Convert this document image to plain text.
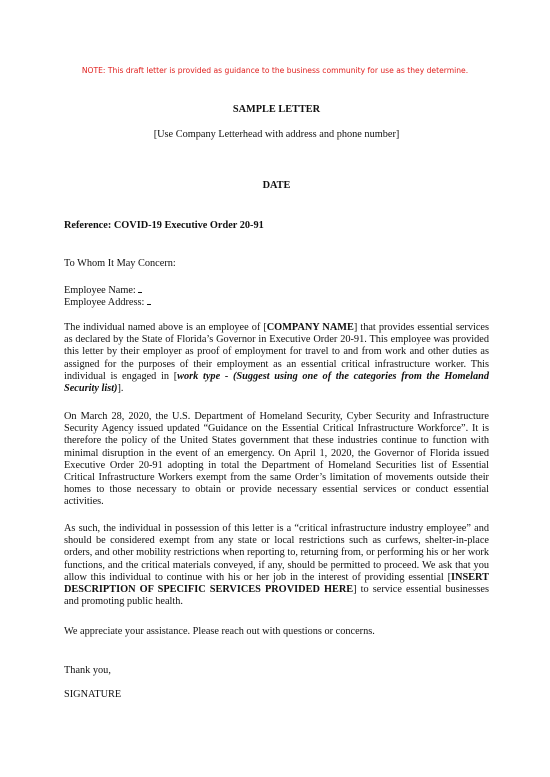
NOTE: This draft letter is provided as guidance to the business community for use as they determine.
SAMPLE LETTER
[Use Company Letterhead with address and phone number]
DATE
Reference: COVID-19 Executive Order 20-91
To Whom It May Concern:
Employee Name:
Employee Address:
The individual named above is an employee of [COMPANY NAME] that provides essential services as declared by the State of Florida’s Governor in Executive Order 20-91. This employee was provided this letter by their employer as proof of employment for travel to and from work and other duties as assigned for the purposes of their employment as an essential critical infrastructure worker. This individual is engaged in [work type - (Suggest using one of the categories from the Homeland Security list)].
On March 28, 2020, the U.S. Department of Homeland Security, Cyber Security and Infrastructure Security Agency issued updated “Guidance on the Essential Critical Infrastructure Workforce”. It is therefore the policy of the United States government that these industries continue to function with minimal disruption in the event of an emergency. On April 1, 2020, the Governor of Florida issued Executive Order 20-91 adopting in total the Department of Homeland Securities list of Essential Critical Infrastructure Workers exempt from the same Order’s limitation of movements outside their homes to those necessary to obtain or provide necessary essential services or conduct essential activities.
As such, the individual in possession of this letter is a “critical infrastructure industry employee” and should be considered exempt from any state or local restrictions such as curfews, shelter-in-place orders, and other mobility restrictions when reporting to, returning from, or performing his or her work functions, and the critical materials conveyed, if any, should be permitted to proceed. We ask that you allow this individual to continue with his or her job in the interest of providing essential [INSERT DESCRIPTION OF SPECIFIC SERVICES PROVIDED HERE] to service essential businesses and promoting public health.
We appreciate your assistance. Please reach out with questions or concerns.
Thank you,
SIGNATURE
